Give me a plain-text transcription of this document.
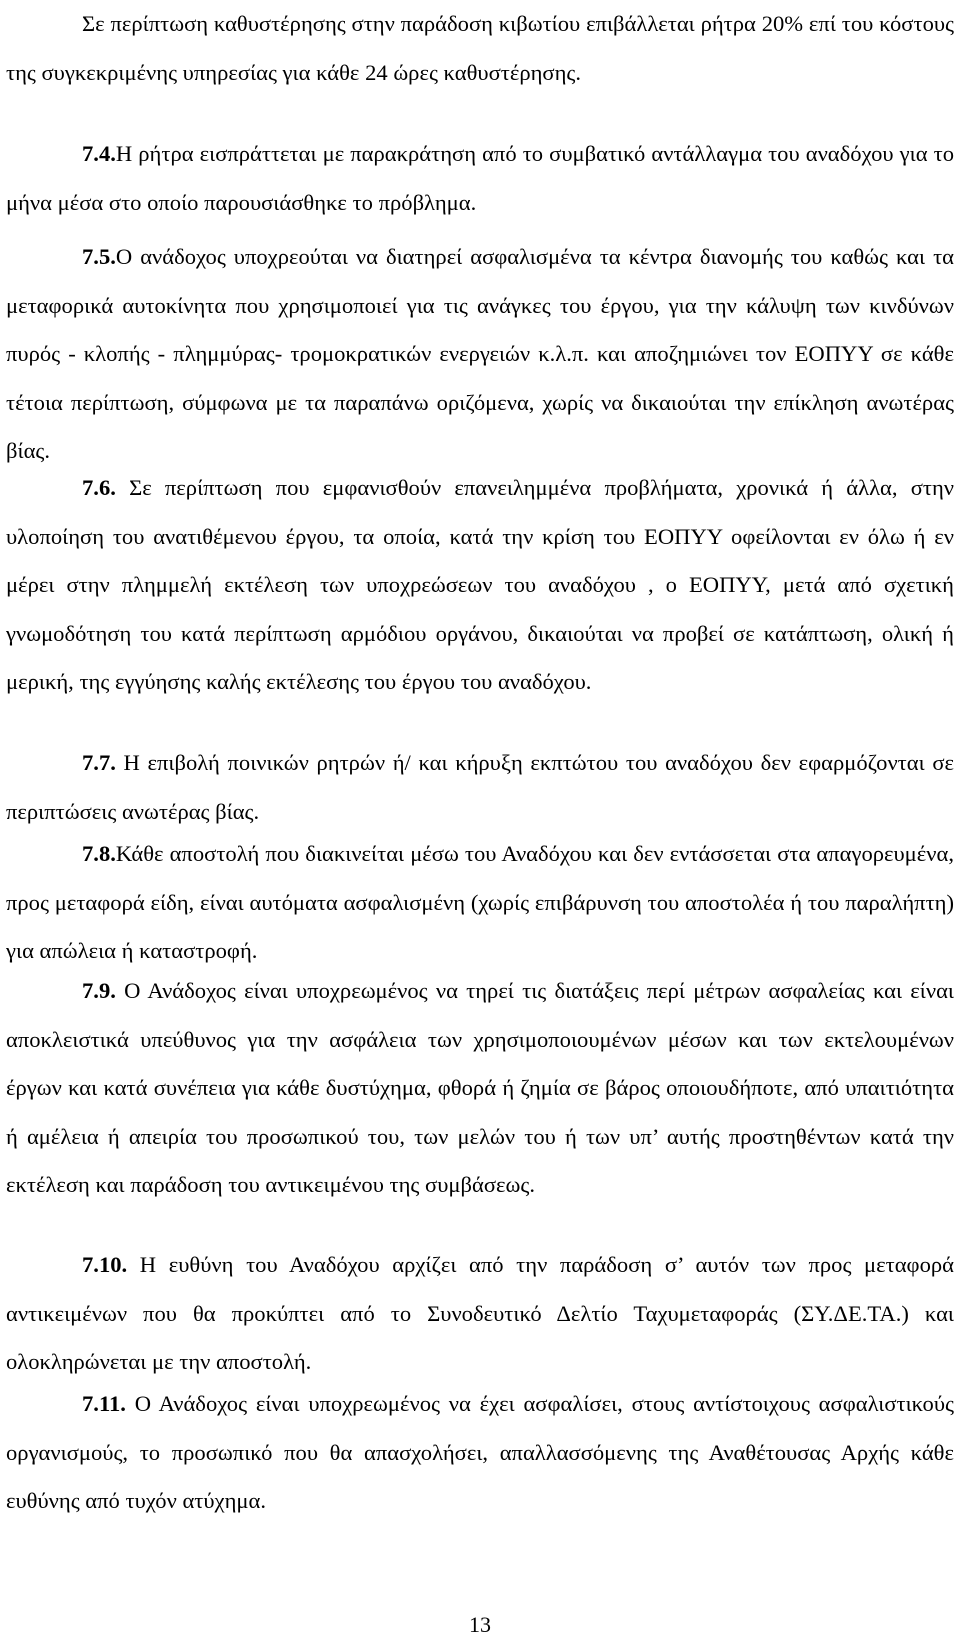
Σε περίπτωση καθυστέρησης στην παράδοση κιβωτίου επιβάλλεται ρήτρα 20% επί του κόστους της συγκεκριμένης υπηρεσίας για κάθε 24 ώρες καθυστέρησης.

7.4.Η ρήτρα εισπράττεται με παρακράτηση από το συμβατικό αντάλλαγμα του αναδόχου για το μήνα μέσα στο οποίο παρουσιάσθηκε το πρόβλημα.

7.5.Ο ανάδοχος υποχρεούται να διατηρεί ασφαλισμένα τα κέντρα διανομής του καθώς και τα μεταφορικά αυτοκίνητα που χρησιμοποιεί για τις ανάγκες του έργου, για την κάλυψη των κινδύνων πυρός - κλοπής - πλημμύρας- τρομοκρατικών ενεργειών κ.λ.π. και αποζημιώνει τον ΕΟΠΥΥ σε κάθε τέτοια περίπτωση, σύμφωνα με τα παραπάνω οριζόμενα, χωρίς να δικαιούται την επίκληση ανωτέρας βίας.

7.6. Σε περίπτωση που εμφανισθούν επανειλημμένα προβλήματα, χρονικά ή άλλα, στην υλοποίηση του ανατιθέμενου έργου, τα οποία, κατά την κρίση του ΕΟΠΥΥ οφείλονται εν όλω ή εν μέρει στην πλημμελή εκτέλεση των υποχρεώσεων του αναδόχου , ο ΕΟΠΥΥ, μετά από σχετική γνωμοδότηση του κατά περίπτωση αρμόδιου οργάνου, δικαιούται να προβεί σε κατάπτωση, ολική ή μερική, της εγγύησης καλής εκτέλεσης του έργου του αναδόχου.

7.7. Η επιβολή ποινικών ρητρών ή/ και κήρυξη εκπτώτου του αναδόχου δεν εφαρμόζονται σε περιπτώσεις ανωτέρας βίας.

7.8.Κάθε αποστολή που διακινείται μέσω του Αναδόχου και δεν εντάσσεται στα απαγορευμένα, προς μεταφορά είδη, είναι αυτόματα ασφαλισμένη (χωρίς επιβάρυνση του αποστολέα ή του παραλήπτη) για απώλεια ή καταστροφή.

7.9. Ο Ανάδοχος είναι υποχρεωμένος να τηρεί τις διατάξεις περί μέτρων ασφαλείας και είναι αποκλειστικά υπεύθυνος για την ασφάλεια των χρησιμοποιουμένων μέσων και των εκτελουμένων έργων και κατά συνέπεια για κάθε δυστύχημα, φθορά ή ζημία σε βάρος οποιουδήποτε, από υπαιτιότητα ή αμέλεια ή απειρία του προσωπικού του, των μελών του ή των υπ’ αυτής προστηθέντων κατά την εκτέλεση και παράδοση του αντικειμένου της συμβάσεως.

7.10. Η ευθύνη του Αναδόχου αρχίζει από την παράδοση σ’ αυτόν των προς μεταφορά αντικειμένων που θα προκύπτει από το Συνοδευτικό Δελτίο Ταχυμεταφοράς (ΣΥ.ΔΕ.ΤΑ.) και ολοκληρώνεται με την αποστολή.

7.11. Ο Ανάδοχος είναι υποχρεωμένος να έχει ασφαλίσει, στους αντίστοιχους ασφαλιστικούς οργανισμούς, το προσωπικό που θα απασχολήσει, απαλλασσόμενης της Αναθέτουσας Αρχής κάθε ευθύνης από τυχόν ατύχημα.

13
